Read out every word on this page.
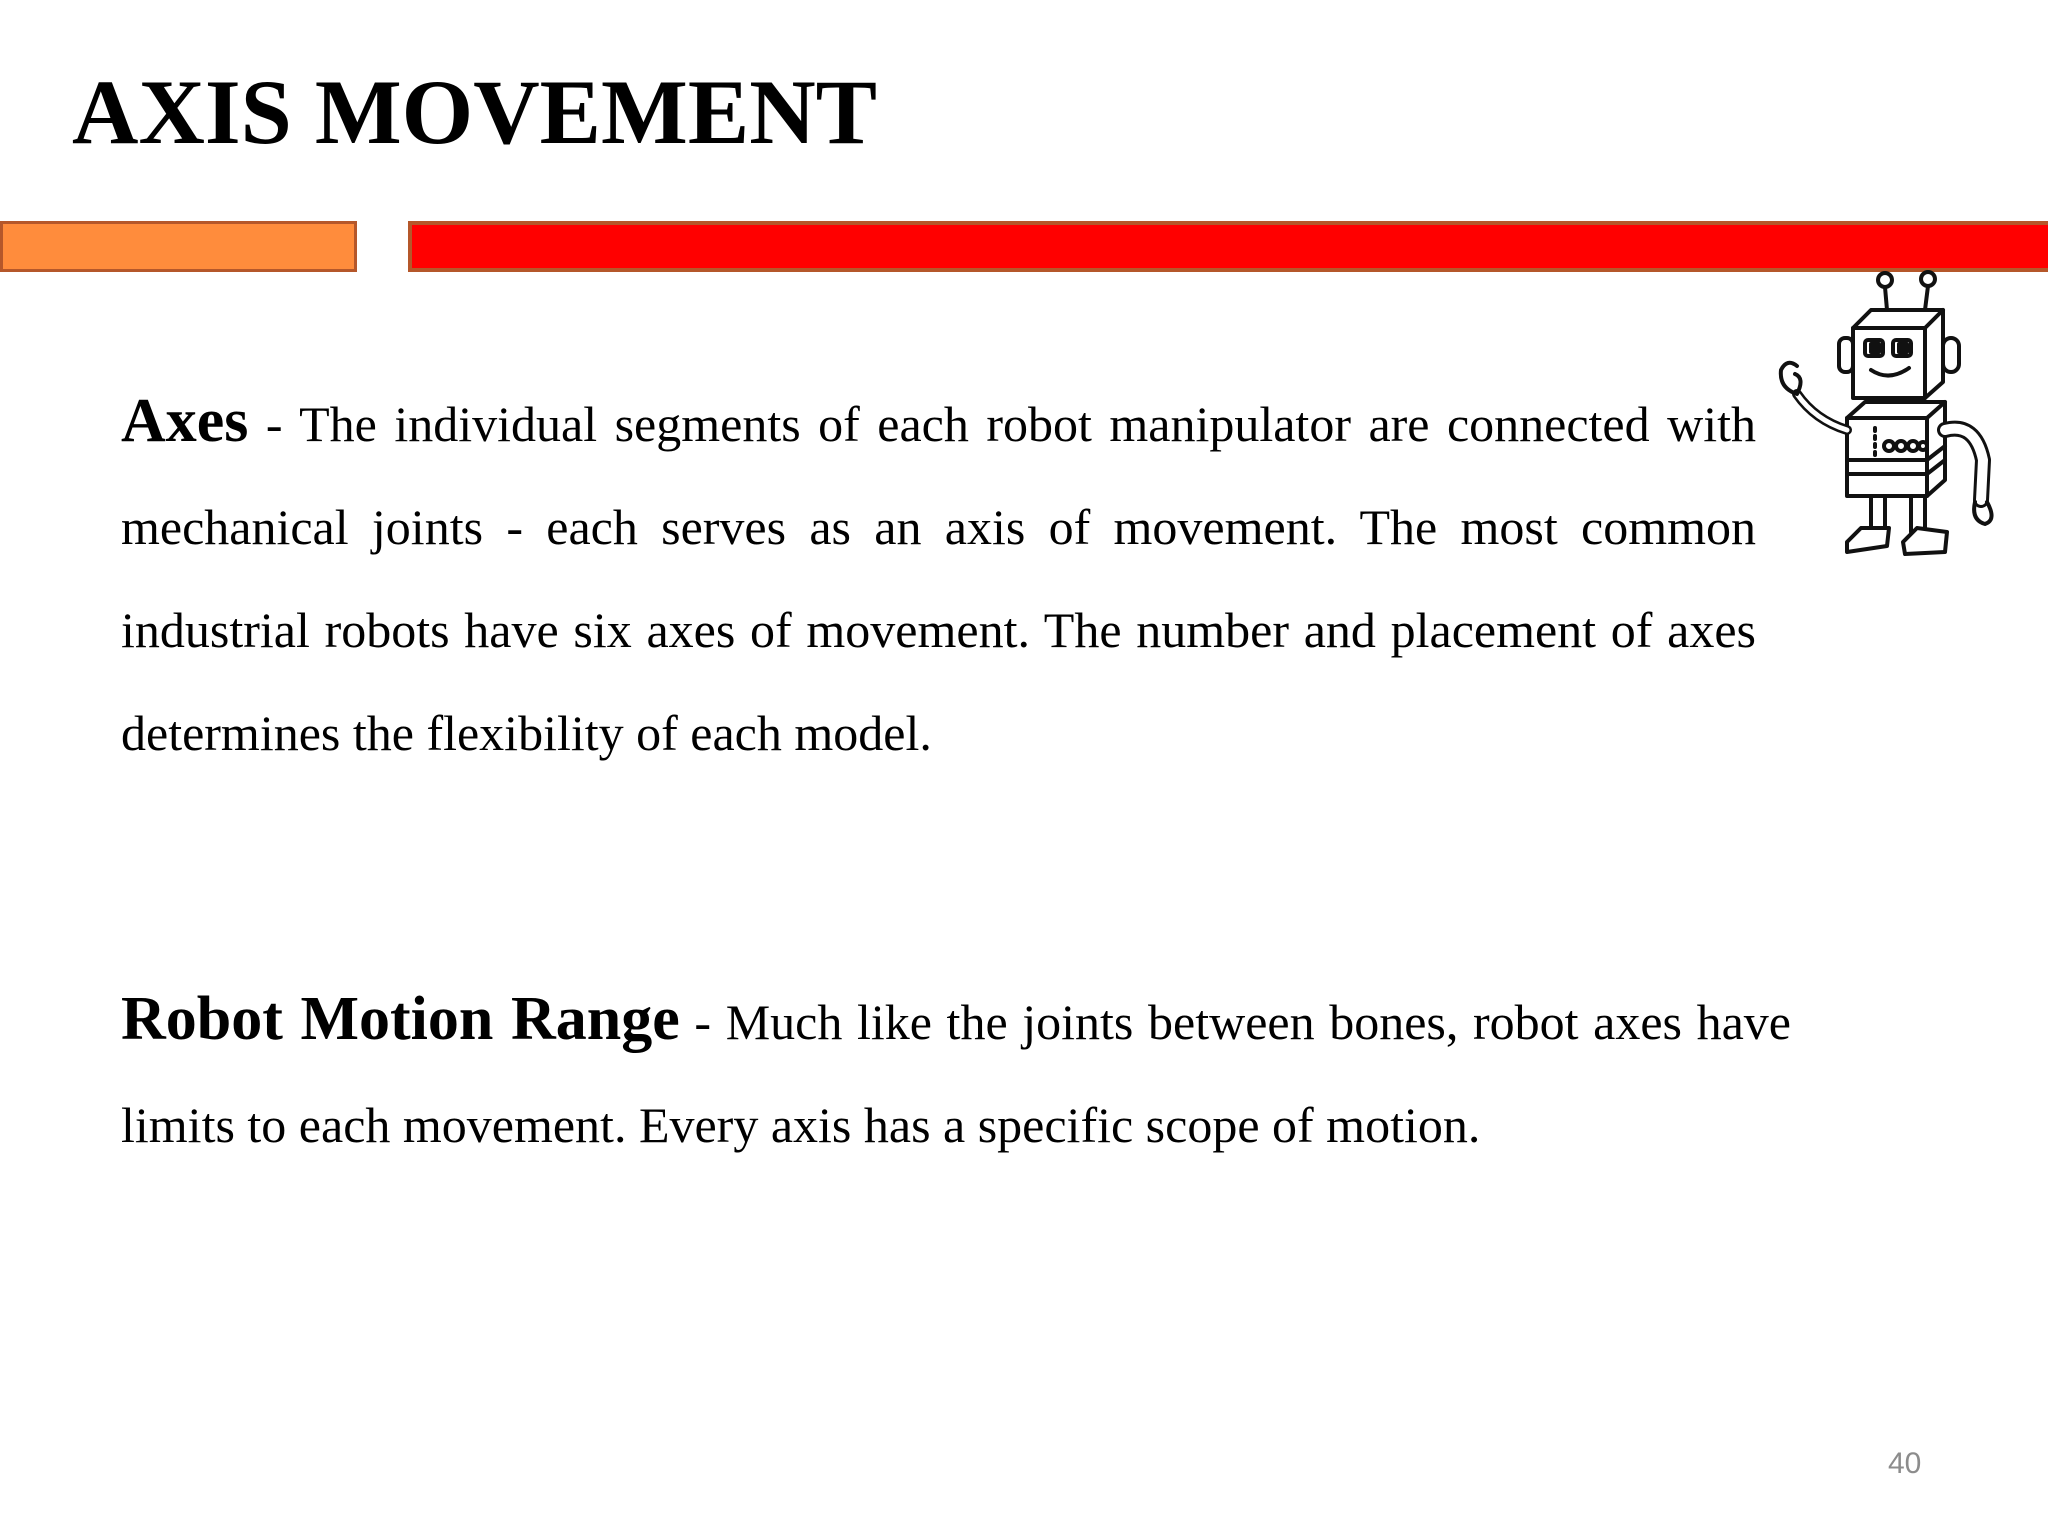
AXIS MOVEMENT

Axes - The individual segments of each robot manipulator are connected with mechanical joints - each serves as an axis of movement. The most common industrial robots have six axes of movement. The number and placement of axes determines the flexibility of each model.

Robot Motion Range - Much like the joints between bones, robot axes have limits to each movement. Every axis has a specific scope of motion.

40
